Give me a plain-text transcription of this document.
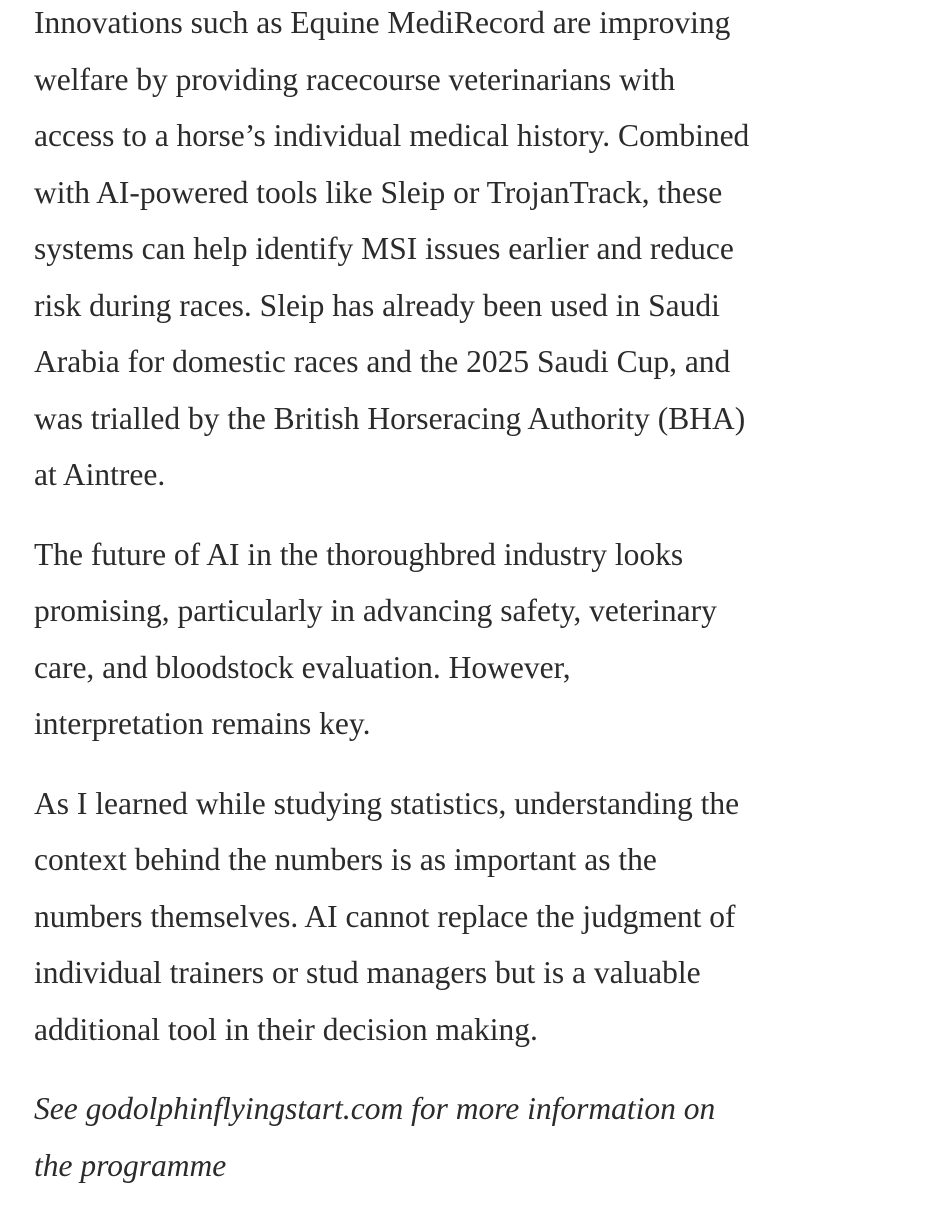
Innovations such as Equine MediRecord are improving
welfare by providing racecourse veterinarians with
access to a horse’s individual medical history. Combined
with AI-powered tools like Sleip or TrojanTrack, these
systems can help identify MSI issues earlier and reduce
risk during races. Sleip has already been used in Saudi
Arabia for domestic races and the 2025 Saudi Cup, and
was trialled by the British Horseracing Authority (BHA)
at Aintree.

The future of AI in the thoroughbred industry looks
promising, particularly in advancing safety, veterinary
care, and bloodstock evaluation. However,
interpretation remains key.

As I learned while studying statistics, understanding the
context behind the numbers is as important as the
numbers themselves. AI cannot replace the judgment of
individual trainers or stud managers but is a valuable
additional tool in their decision making.

See godolphinflyingstart.com for more information on
the programme
